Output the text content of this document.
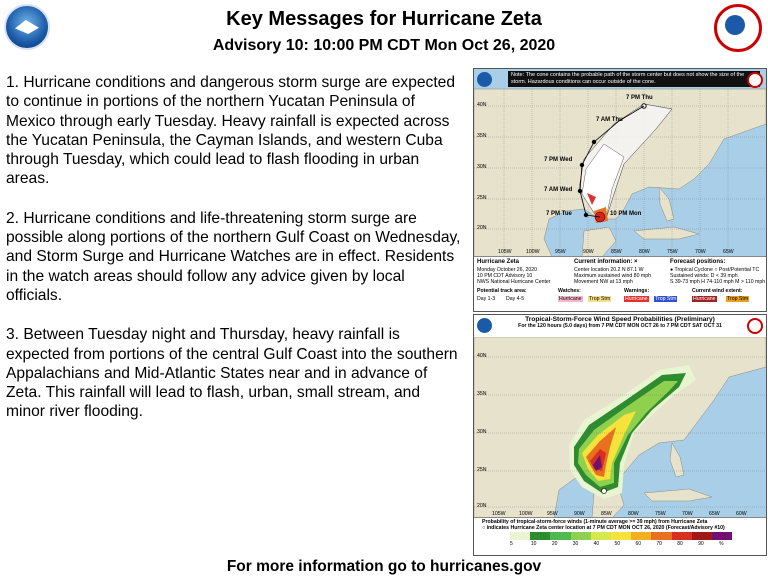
Key Messages for Hurricane Zeta
Advisory 10: 10:00 PM CDT Mon Oct 26, 2020

1. Hurricane conditions and dangerous storm surge are expected to continue in portions of the northern Yucatan Peninsula of Mexico through early Tuesday. Heavy rainfall is expected across the Yucatan Peninsula, the Cayman Islands, and western Cuba through Tuesday, which could lead to flash flooding in urban areas.

2. Hurricane conditions and life-threatening storm surge are possible along portions of the northern Gulf Coast on Wednesday, and Storm Surge and Hurricane Watches are in effect. Residents in the watch areas should follow any advice given by local officials.

3. Between Tuesday night and Thursday, heavy rainfall is expected from portions of the central Gulf Coast into the southern Appalachians and Mid-Atlantic States near and in advance of Zeta. This rainfall will lead to flash, urban, small stream, and minor river flooding.

Note: The cone contains the probable path of the storm center but does not show the size of the storm. Hazardous conditions can occur outside of the cone.
40N
35N
30N
25N
20N
105W	100W	95W	90W	85W	80W	75W	70W	65W
7 PM Thu
7 AM Thu
7 PM Wed
7 AM Wed
7 PM Tue	10 PM Mon
Hurricane Zeta
Monday October 26, 2020
10 PM CDT Advisory 10
NWS National Hurricane Center
Current information: ×
Center location 20.2 N 87.1 W
Maximum sustained wind 80 mph
Movement NW at 13 mph
Forecast positions:
● Tropical Cyclone ○ Post/Potential TC
Sustained winds: D < 39 mph
S 39-73 mph H 74-110 mph M > 110 mph
Potential track area:
Day 1-3 Day 4-5
Watches:
Hurricane Trop Stm
Warnings:
Hurricane Trop Stm
Current wind extent:
Hurricane Trop Stm
Tropical-Storm-Force Wind Speed Probabilities (Preliminary)
For the 120 hours (5.0 days) from 7 PM CDT MON OCT 26 to 7 PM CDT SAT OCT 31
40N
35N
30N
25N
20N
105W	100W	95W	90W	85W	80W	75W	70W	65W	60W
Probability of tropical-storm-force winds (1-minute average >= 39 mph) from Hurricane Zeta
○ indicates Hurricane Zeta center location at 7 PM CDT MON OCT 26, 2020 (Forecast/Advisory #10)
5	10	20	30	40	50	60	70	80	90	%
For more information go to hurricanes.gov
